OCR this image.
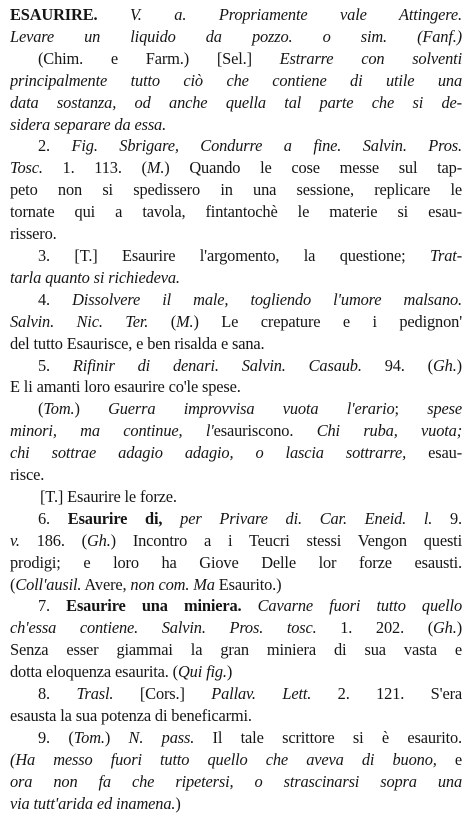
ESAURIRE. V. a. Propriamente vale Attingere.
Levare un liquido da pozzo. o sim. (Fanf.)
(Chim. e Farm.) [Sel.] Estrarre con solventi
principalmente tutto ciò che contiene di utile una
data sostanza, od anche quella tal parte che si de-
sidera separare da essa.
2. Fig. Sbrigare, Condurre a fine. Salvin. Pros.
Tosc. 1. 113. (M.) Quando le cose messe sul tap-
peto non si spedissero in una sessione, replicare le
tornate qui a tavola, fintantochè le materie si esau-
rissero.
3. [T.] Esaurire l'argomento, la questione; Trat-
tarla quanto si richiedeva.
4. Dissolvere il male, togliendo l'umore malsano.
Salvin. Nic. Ter. (M.) Le crepature e i pedignon'
del tutto Esaurisce, e ben risalda e sana.
5. Rifinir di denari. Salvin. Casaub. 94. (Gh.)
E li amanti loro esaurire co'le spese.
(Tom.) Guerra improvvisa vuota l'erario; spese
minori, ma continue, l'esauriscono. Chi ruba, vuota;
chi sottrae adagio adagio, o lascia sottrarre, esau-
risce.
[T.] Esaurire le forze.
6. Esaurire di, per Privare di. Car. Eneid. l. 9.
v. 186. (Gh.) Incontro a i Teucri stessi Vengon questi
prodigi; e loro ha Giove Delle lor forze esausti.
(Coll'ausil. Avere, non com. Ma Esaurito.)
7. Esaurire una miniera. Cavarne fuori tutto quello
ch'essa contiene. Salvin. Pros. tosc. 1. 202. (Gh.)
Senza esser giammai la gran miniera di sua vasta e
dotta eloquenza esaurita. (Qui fig.)
8. Trasl. [Cors.] Pallav. Lett. 2. 121. S'era
esausta la sua potenza di beneficarmi.
9. (Tom.) N. pass. Il tale scrittore si è esaurito.
(Ha messo fuori tutto quello che aveva di buono, e
ora non fa che ripetersi, o strascinarsi sopra una
via tutt'arida ed inamena.)
